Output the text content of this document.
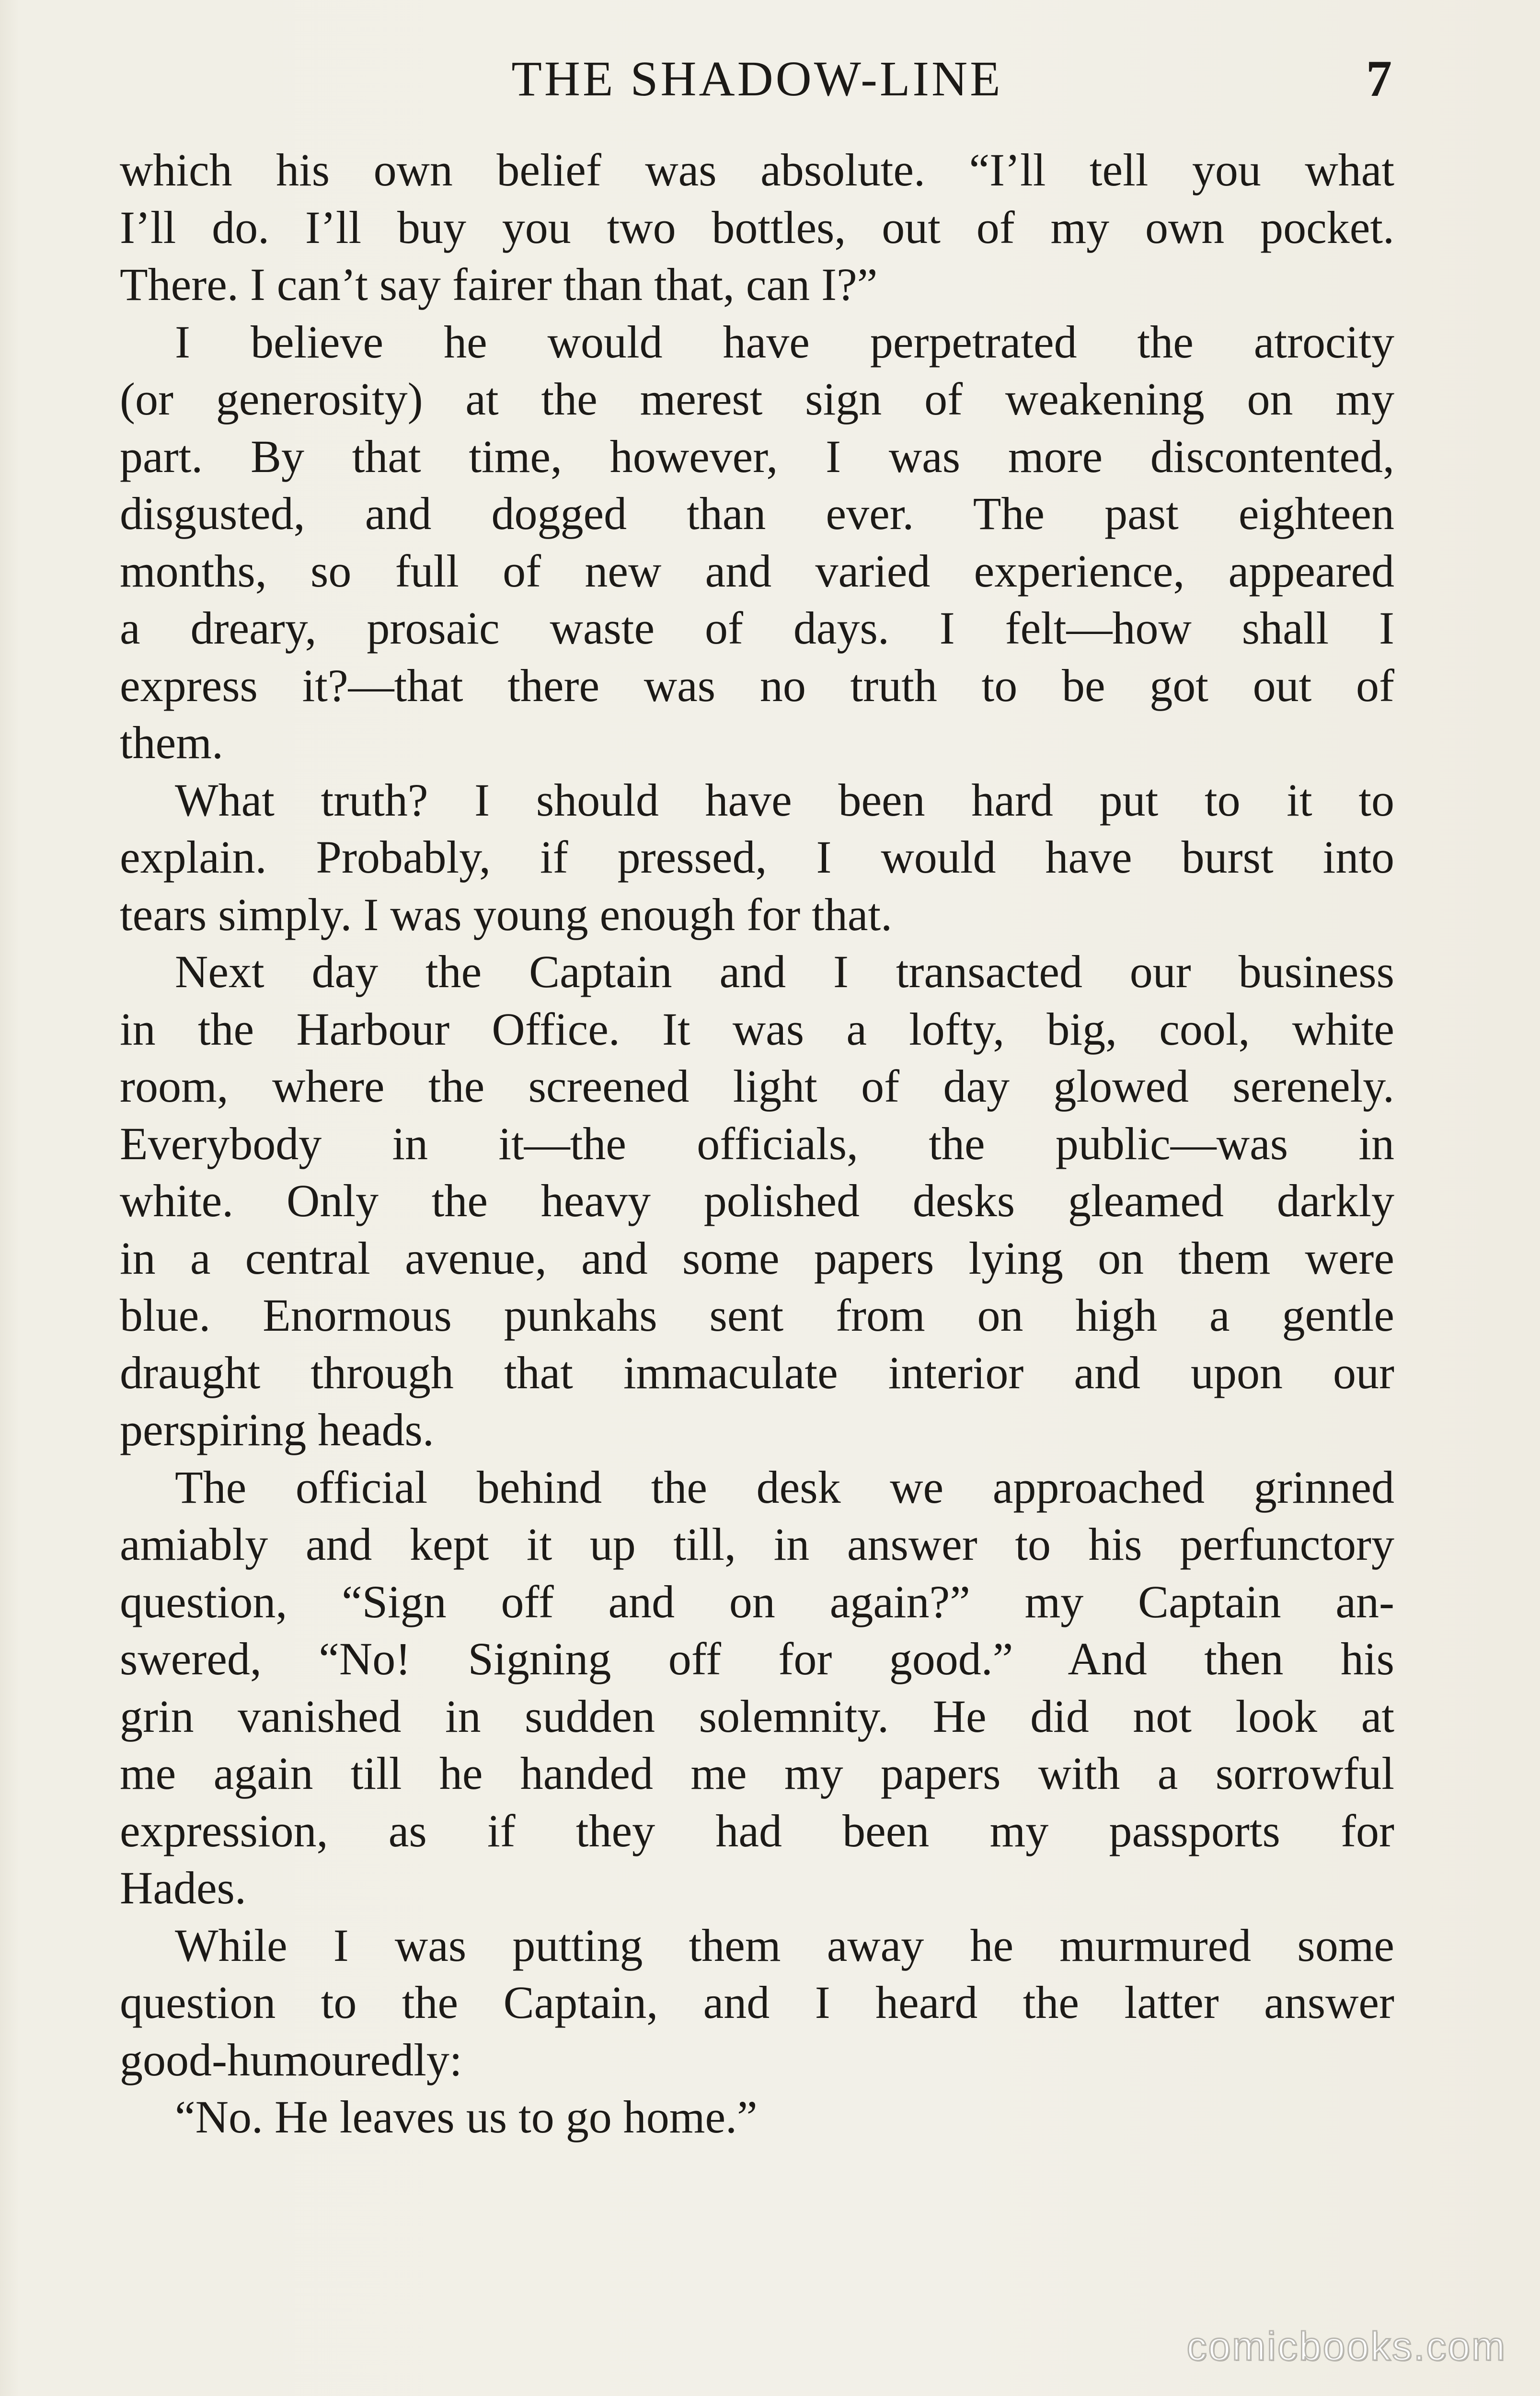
THE SHADOW-LINE	7
which his own belief was absolute. “I’ll tell you what
I’ll do. I’ll buy you two bottles, out of my own pocket.
There. I can’t say fairer than that, can I?”
I believe he would have perpetrated the atrocity
(or generosity) at the merest sign of weakening on my
part. By that time, however, I was more discontented,
disgusted, and dogged than ever. The past eighteen
months, so full of new and varied experience, appeared
a dreary, prosaic waste of days. I felt—how shall I
express it?—that there was no truth to be got out of
them.
What truth? I should have been hard put to it to
explain. Probably, if pressed, I would have burst into
tears simply. I was young enough for that.
Next day the Captain and I transacted our business
in the Harbour Office. It was a lofty, big, cool, white
room, where the screened light of day glowed serenely.
Everybody in it—the officials, the public—was in
white. Only the heavy polished desks gleamed darkly
in a central avenue, and some papers lying on them were
blue. Enormous punkahs sent from on high a gentle
draught through that immaculate interior and upon our
perspiring heads.
The official behind the desk we approached grinned
amiably and kept it up till, in answer to his perfunctory
question, “Sign off and on again?” my Captain an-
swered, “No! Signing off for good.” And then his
grin vanished in sudden solemnity. He did not look at
me again till he handed me my papers with a sorrowful
expression, as if they had been my passports for
Hades.
While I was putting them away he murmured some
question to the Captain, and I heard the latter answer
good-humouredly:
“No. He leaves us to go home.”
comicbooks.com
